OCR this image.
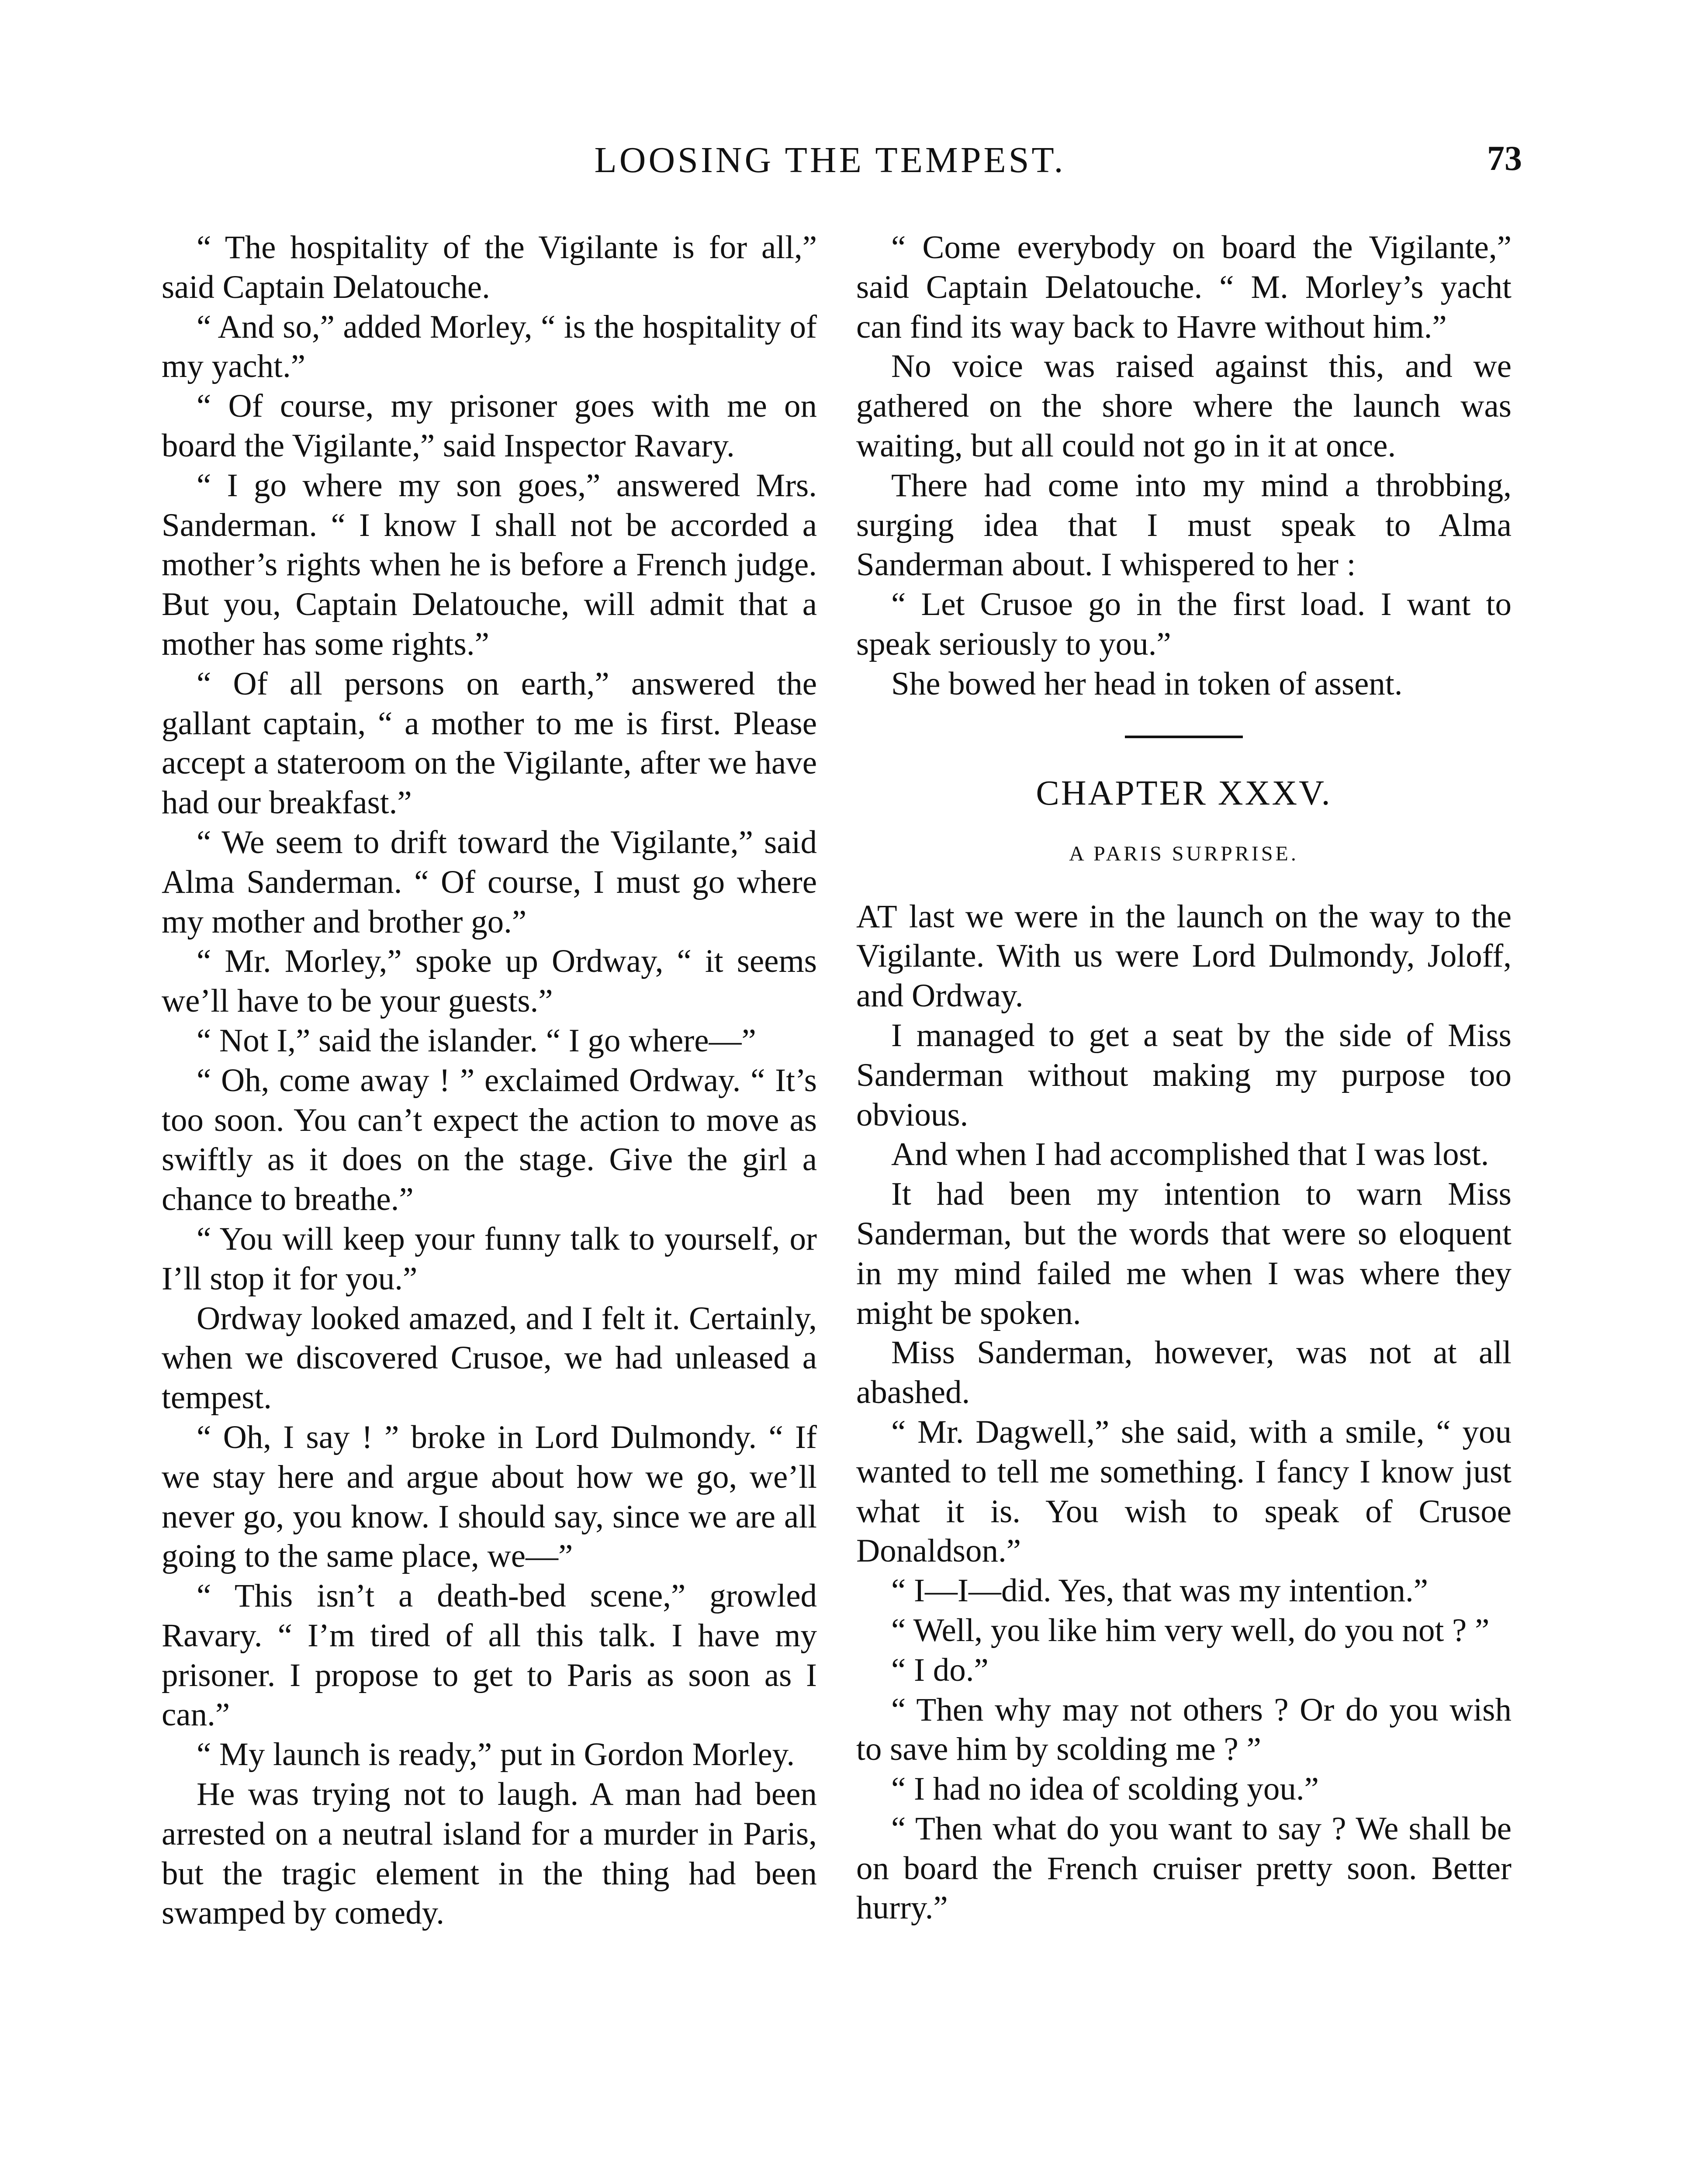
LOOSING THE TEMPEST.	73

“ The hospitality of the Vigilante is for all,” said Captain Delatouche.

“ And so,” added Morley, “ is the hospitality of my yacht.”

“ Of course, my prisoner goes with me on board the Vigilante,” said Inspector Ravary.

“ I go where my son goes,” answered Mrs. Sanderman. “ I know I shall not be accorded a mother’s rights when he is before a French judge. But you, Captain Delatouche, will admit that a mother has some rights.”

“ Of all persons on earth,” answered the gallant captain, “ a mother to me is first. Please accept a stateroom on the Vigilante, after we have had our breakfast.”

“ We seem to drift toward the Vigilante,” said Alma Sanderman. “ Of course, I must go where my mother and brother go.”

“ Mr. Morley,” spoke up Ordway, “ it seems we’ll have to be your guests.”

“ Not I,” said the islander. “ I go where—”

“ Oh, come away ! ” exclaimed Ordway. “ It’s too soon. You can’t expect the action to move as swiftly as it does on the stage. Give the girl a chance to breathe.”

“ You will keep your funny talk to yourself, or I’ll stop it for you.”

Ordway looked amazed, and I felt it. Certainly, when we discovered Crusoe, we had unleased a tempest.

“ Oh, I say ! ” broke in Lord Dulmondy. “ If we stay here and argue about how we go, we’ll never go, you know. I should say, since we are all going to the same place, we—”

“ This isn’t a death-bed scene,” growled Ravary. “ I’m tired of all this talk. I have my prisoner. I propose to get to Paris as soon as I can.”

“ My launch is ready,” put in Gordon Morley.

He was trying not to laugh. A man had been arrested on a neutral island for a murder in Paris, but the tragic element in the thing had been swamped by comedy.

“ Come everybody on board the Vigilante,” said Captain Delatouche. “ M. Morley’s yacht can find its way back to Havre without him.”

No voice was raised against this, and we gathered on the shore where the launch was waiting, but all could not go in it at once.

There had come into my mind a throbbing, surging idea that I must speak to Alma Sanderman about. I whispered to her :

“ Let Crusoe go in the first load. I want to speak seriously to you.”

She bowed her head in token of assent.

CHAPTER XXXV.
A PARIS SURPRISE.

AT last we were in the launch on the way to the Vigilante. With us were Lord Dulmondy, Joloff, and Ordway.

I managed to get a seat by the side of Miss Sanderman without making my purpose too obvious.

And when I had accomplished that I was lost.

It had been my intention to warn Miss Sanderman, but the words that were so eloquent in my mind failed me when I was where they might be spoken.

Miss Sanderman, however, was not at all abashed.

“ Mr. Dagwell,” she said, with a smile, “ you wanted to tell me something. I fancy I know just what it is. You wish to speak of Crusoe Donaldson.”

“ I—I—did. Yes, that was my intention.”

“ Well, you like him very well, do you not ? ”

“ I do.”

“ Then why may not others ? Or do you wish to save him by scolding me ? ”

“ I had no idea of scolding you.”

“ Then what do you want to say ? We shall be on board the French cruiser pretty soon. Better hurry.”
